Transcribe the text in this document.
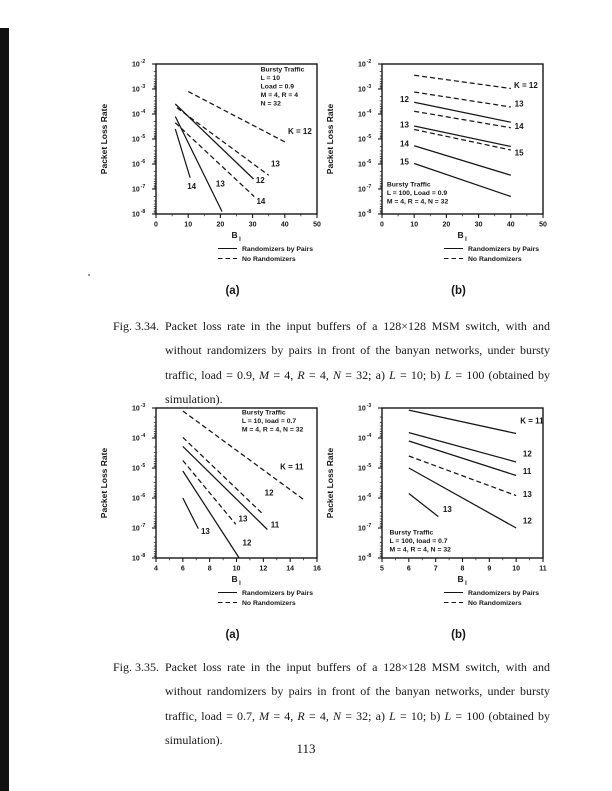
$10^{-2}$
$10^{-3}$
$10^{-4}$
$10^{-5}$
$10^{-6}$
$10^{-7}$
$10^{-8}$
0	10	20	30	40	50
K = 12
13
14
12
13
14
Bursty Traffic
L = 10
Load = 0.9
M = 4, R = 4
N = 32
Packet Loss Rate
B $_I$
Randomizers by Pairs
No Randomizers
(a)
$10^{-2}$
$10^{-3}$
$10^{-4}$
$10^{-5}$
$10^{-6}$
$10^{-7}$
$10^{-8}$
0	10	20	30	40	50
K = 12
13
12
14
13
15
14
15
Bursty Traffic
L = 100, Load = 0.9
M = 4, R = 4, N = 32
Packet Loss Rate
B $_I$
Randomizers by Pairs
No Randomizers
(b)
Fig. 3.34. Packet loss rate in the input buffers of a 128×128 MSM switch, with and without randomizers by pairs in front of the banyan networks, under bursty traffic, load = 0.9, M = 4, R = 4, N = 32; a) L = 10; b) L = 100 (obtained by simulation).
$10^{-3}$
$10^{-4}$
$10^{-5}$
$10^{-6}$
$10^{-7}$
$10^{-8}$
4	6	8	10	12	14	16
K = 11
12
13
11
12
13
Bursty Traffic
L = 10, load = 0.7
M = 4, R = 4, N = 32
Packet Loss Rate
B $_I$
Randomizers by Pairs
No Randomizers
(a)
$10^{-3}$
$10^{-4}$
$10^{-5}$
$10^{-6}$
$10^{-7}$
$10^{-8}$
5	6	7	8	9	10	11
K = 11
12
11
13
12
13
Bursty Traffic
L = 100, load = 0.7
M = 4, R = 4, N = 32
Packet Loss Rate
B $_I$
Randomizers by Pairs
No Randomizers
(b)
Fig. 3.35. Packet loss rate in the input buffers of a 128×128 MSM switch, with and without randomizers by pairs in front of the banyan networks, under bursty traffic, load = 0.7, M = 4, R = 4, N = 32; a) L = 10; b) L = 100 (obtained by simulation).
113
